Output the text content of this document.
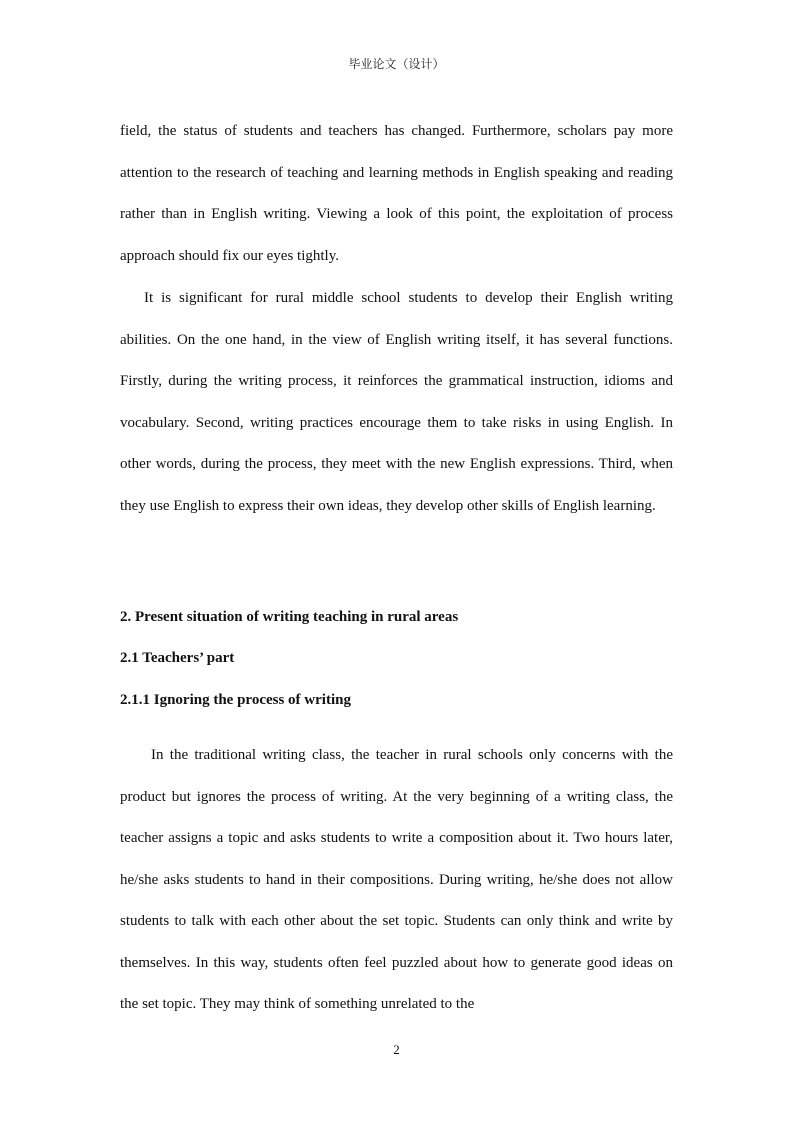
毕业论文（设计）

field, the status of students and teachers has changed. Furthermore, scholars pay more attention to the research of teaching and learning methods in English speaking and reading rather than in English writing. Viewing a look of this point, the exploitation of process approach should fix our eyes tightly.

It is significant for rural middle school students to develop their English writing abilities. On the one hand, in the view of English writing itself, it has several functions. Firstly, during the writing process, it reinforces the grammatical instruction, idioms and vocabulary. Second, writing practices encourage them to take risks in using English. In other words, during the process, they meet with the new English expressions. Third, when they use English to express their own ideas, they develop other skills of English learning.

2. Present situation of writing teaching in rural areas
2.1 Teachers’ part
2.1.1 Ignoring the process of writing

In the traditional writing class, the teacher in rural schools only concerns with the product but ignores the process of writing. At the very beginning of a writing class, the teacher assigns a topic and asks students to write a composition about it. Two hours later, he/she asks students to hand in their compositions. During writing, he/she does not allow students to talk with each other about the set topic. Students can only think and write by themselves. In this way, students often feel puzzled about how to generate good ideas on the set topic. They may think of something unrelated to the

2
